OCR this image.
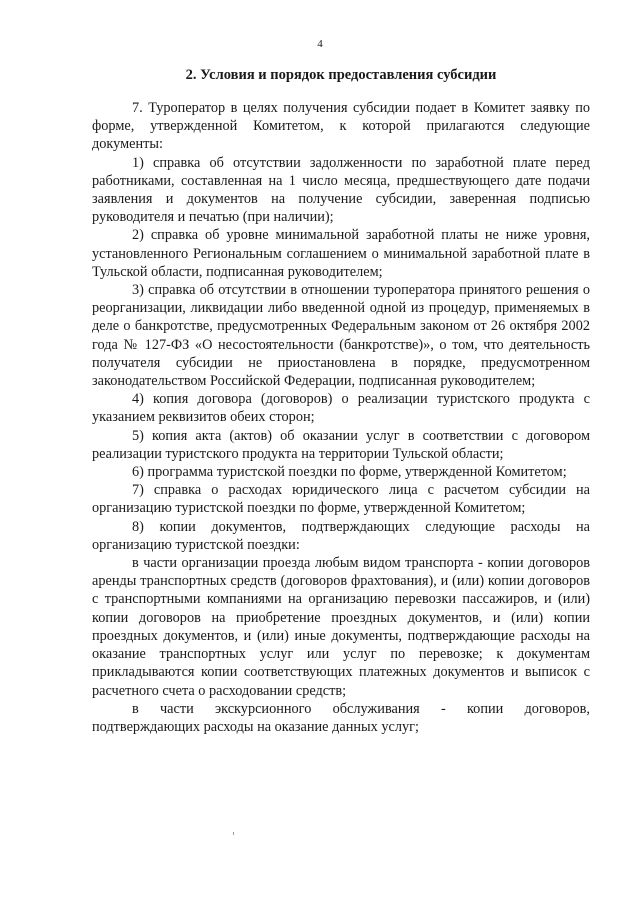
4
2. Условия и порядок предоставления субсидии

7. Туроператор в целях получения субсидии подает в Комитет заявку по форме, утвержденной Комитетом, к которой прилагаются следующие документы:

1) справка об отсутствии задолженности по заработной плате перед работниками, составленная на 1 число месяца, предшествующего дате подачи заявления и документов на получение субсидии, заверенная подписью руководителя и печатью (при наличии);

2) справка об уровне минимальной заработной платы не ниже уровня, установленного Региональным соглашением о минимальной заработной плате в Тульской области, подписанная руководителем;

3) справка об отсутствии в отношении туроператора принятого решения о реорганизации, ликвидации либо введенной одной из процедур, применяемых в деле о банкротстве, предусмотренных Федеральным законом от 26 октября 2002 года № 127-ФЗ «О несостоятельности (банкротстве)», о том, что деятельность получателя субсидии не приостановлена в порядке, предусмотренном законодательством Российской Федерации, подписанная руководителем;

4) копия договора (договоров) о реализации туристского продукта с указанием реквизитов обеих сторон;

5) копия акта (актов) об оказании услуг в соответствии с договором реализации туристского продукта на территории Тульской области;

6) программа туристской поездки по форме, утвержденной Комитетом;

7) справка о расходах юридического лица с расчетом субсидии на организацию туристской поездки по форме, утвержденной Комитетом;

8) копии документов, подтверждающих следующие расходы на организацию туристской поездки:

в части организации проезда любым видом транспорта - копии договоров аренды транспортных средств (договоров фрахтования), и (или) копии договоров с транспортными компаниями на организацию перевозки пассажиров, и (или) копии договоров на приобретение проездных документов, и (или) копии проездных документов, и (или) иные документы, подтверждающие расходы на оказание транспортных услуг или услуг по перевозке; к документам прикладываются копии соответствующих платежных документов и выписок с расчетного счета о расходовании средств;

в части экскурсионного обслуживания - копии договоров, подтверждающих расходы на оказание данных услуг;
